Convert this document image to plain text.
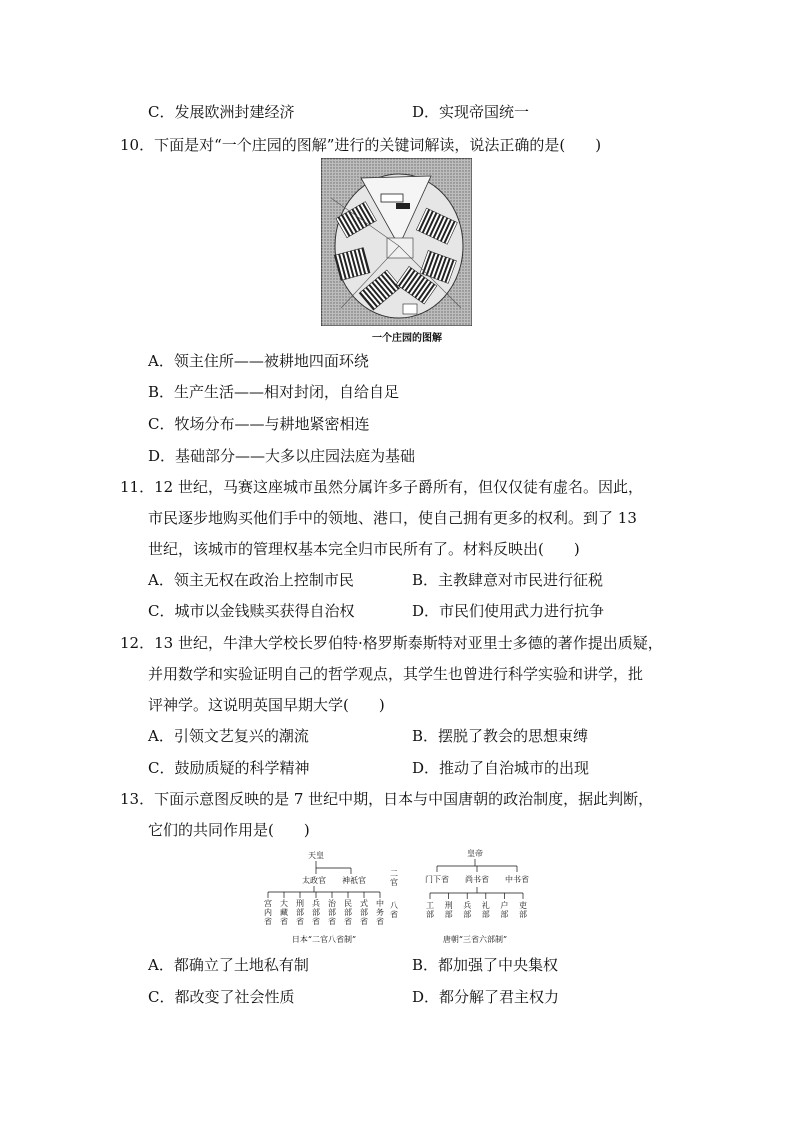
C．发展欧洲封建经济	D．实现帝国统一
10．下面是对“一个庄园的图解”进行的关键词解读，说法正确的是(　　)
一个庄园的图解
A．领主住所——被耕地四面环绕
B．生产生活——相对封闭，自给自足
C．牧场分布——与耕地紧密相连
D．基础部分——大多以庄园法庭为基础
11．12 世纪，马赛这座城市虽然分属许多子爵所有，但仅仅徒有虚名。因此，
市民逐步地购买他们手中的领地、港口，使自己拥有更多的权利。到了 13
世纪，该城市的管理权基本完全归市民所有了。材料反映出(　　)
A．领主无权在政治上控制市民	B．主教肆意对市民进行征税
C．城市以金钱赎买获得自治权	D．市民们使用武力进行抗争
12．13 世纪，牛津大学校长罗伯特·格罗斯泰斯特对亚里士多德的著作提出质疑，
并用数学和实验证明自己的哲学观点，其学生也曾进行科学实验和讲学，批
评神学。这说明英国早期大学(　　)
A．引领文艺复兴的潮流	B．摆脱了教会的思想束缚
C．鼓励质疑的科学精神	D．推动了自治城市的出现
13．下面示意图反映的是 7 世纪中期，日本与中国唐朝的政治制度，据此判断，
它们的共同作用是(　　)
天皇
太政官 神祇官
二官
宫内省
大藏省
刑部省
兵部省
治部省
民部省
式部省
中务省
八省
日本“二官八省制”
皇帝
门下省 尚书省 中书省
工部
刑部
兵部
礼部
户部
吏部
唐朝“三省六部制”
A．都确立了土地私有制	B．都加强了中央集权
C．都改变了社会性质	D．都分解了君主权力
